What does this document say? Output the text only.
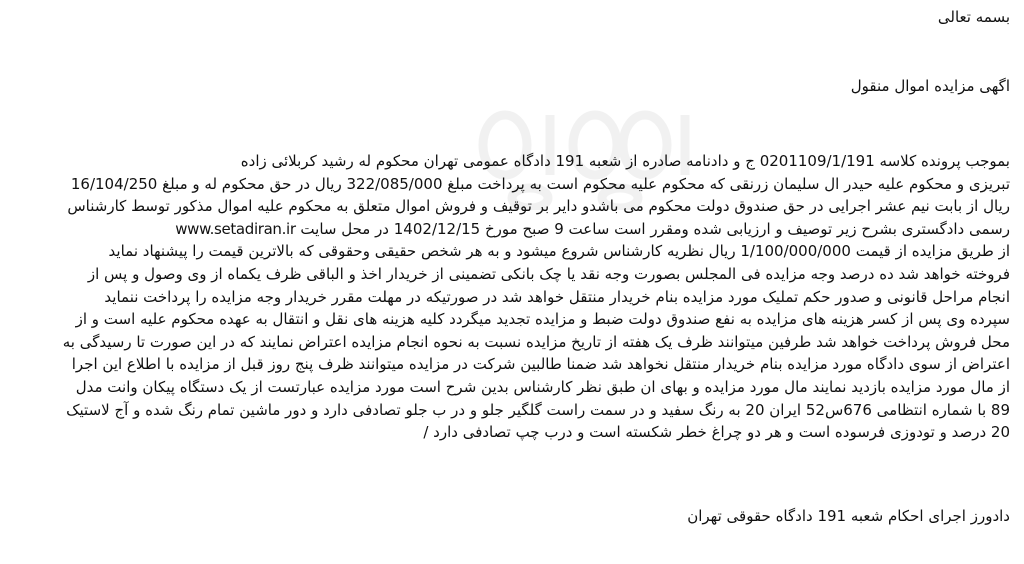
بسمه تعالی

اگهی مزایده اموال منقول

بموجب پرونده کلاسه 0201109/1/191 ج و دادنامه صادره از شعبه 191 دادگاه عمومی تهران محکوم له رشید کربلائی زاده
تبریزی و محکوم علیه حیدر ال سلیمان زرنقی که محکوم علیه محکوم است به پرداخت مبلغ 322/085/000 ریال در حق محکوم له و مبلغ 16/104/250
ریال از بابت نیم عشر اجرایی در حق صندوق دولت محکوم می باشدو دایر بر توقیف و فروش اموال متعلق به محکوم علیه اموال مذکور توسط کارشناس
رسمی دادگستری بشرح زیر توصیف و ارزیابی شده ومقرر است ساعت 9 صبح مورخ 1402/12/15 در محل سایت www.setadiran.ir
از طریق مزایده از قیمت 1/100/000/000 ریال نظریه کارشناس شروع میشود و به هر شخص حقیقی وحقوقی که بالاترین قیمت را پیشنهاد نماید
فروخته خواهد شد ده درصد وجه مزایده فی المجلس بصورت وجه نقد یا چک بانکی تضمینی از خریدار اخذ و الباقی ظرف یکماه از وی وصول و پس از
انجام مراحل قانونی و صدور حکم تملیک مورد مزایده بنام خریدار منتقل خواهد شد در صورتیکه در مهلت مقرر خریدار وجه مزایده را پرداخت ننماید
سپرده وی پس از کسر هزینه های مزایده به نفع صندوق دولت ضبط و مزایده تجدید میگردد کلیه هزینه های نقل و انتقال به عهده محکوم علیه است و از
محل فروش پرداخت خواهد شد طرفین میتوانند ظرف یک هفته از تاریخ مزایده نسبت به نحوه انجام مزایده اعتراض نمایند که در این صورت تا رسیدگی به
اعتراض از سوی دادگاه مورد مزایده بنام خریدار منتقل نخواهد شد ضمنا طالبین شرکت در مزایده میتوانند ظرف پنج روز قبل از مزایده با اطلاع این اجرا
از مال مورد مزایده بازدید نمایند مال مورد مزایده و بهای ان طبق نظر کارشناس بدین شرح است مورد مزایده عبارتست از یک دستگاه پیکان وانت مدل
89 با شماره انتظامی 676س52 ایران 20 به رنگ سفید و در سمت راست گلگیر جلو و در ب جلو تصادفی دارد و دور ماشین تمام رنگ شده و آج لاستیک
20 درصد و تودوزی فرسوده است و هر دو چراغ خطر شکسته است و درب چپ تصادفی دارد /

دادورز اجرای احکام شعبه 191 دادگاه حقوقی تهران
